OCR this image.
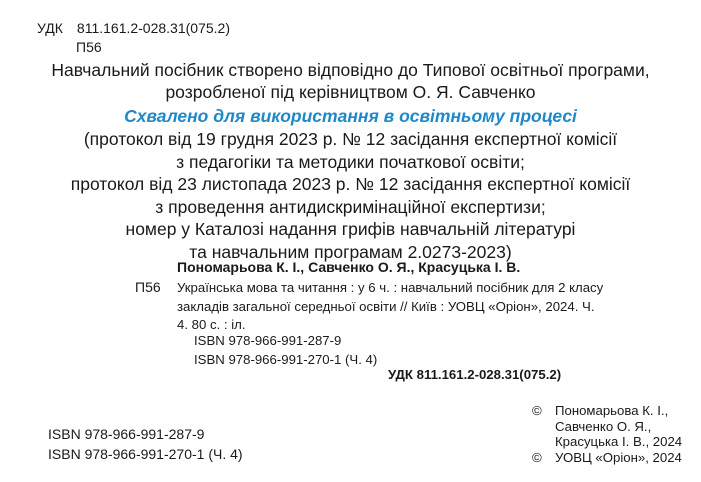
УДК 811.161.2-028.31(075.2)
П56
Навчальний посібник створено відповідно до Типової освітньої програми,
розробленої під керівництвом О. Я. Савченко
Схвалено для використання в освітньому процесі
(протокол від 19 грудня 2023 р. № 12 засідання експертної комісії
з педагогіки та методики початкової освіти;
протокол від 23 листопада 2023 р. № 12 засідання експертної комісії
з проведення антидискримінаційної експертизи;
номер у Каталозі надання грифів навчальній літературі
та навчальним програмам 2.0273-2023)
Пономарьова К. І., Савченко О. Я., Красуцька І. В.
П56 Українська мова та читання : у 6 ч. : навчальний посібник для 2 класу закладів загальної середньої освіти // Київ : УОВЦ «Оріон», 2024. Ч. 4. 80 с. : іл.
ISBN 978-966-991-287-9
ISBN 978-966-991-270-1 (Ч. 4)
УДК 811.161.2-028.31(075.2)
ISBN 978-966-991-287-9
ISBN 978-966-991-270-1 (Ч. 4)
© Пономарьова К. І.,
Савченко О. Я.,
Красуцька І. В., 2024
© УОВЦ «Оріон», 2024
